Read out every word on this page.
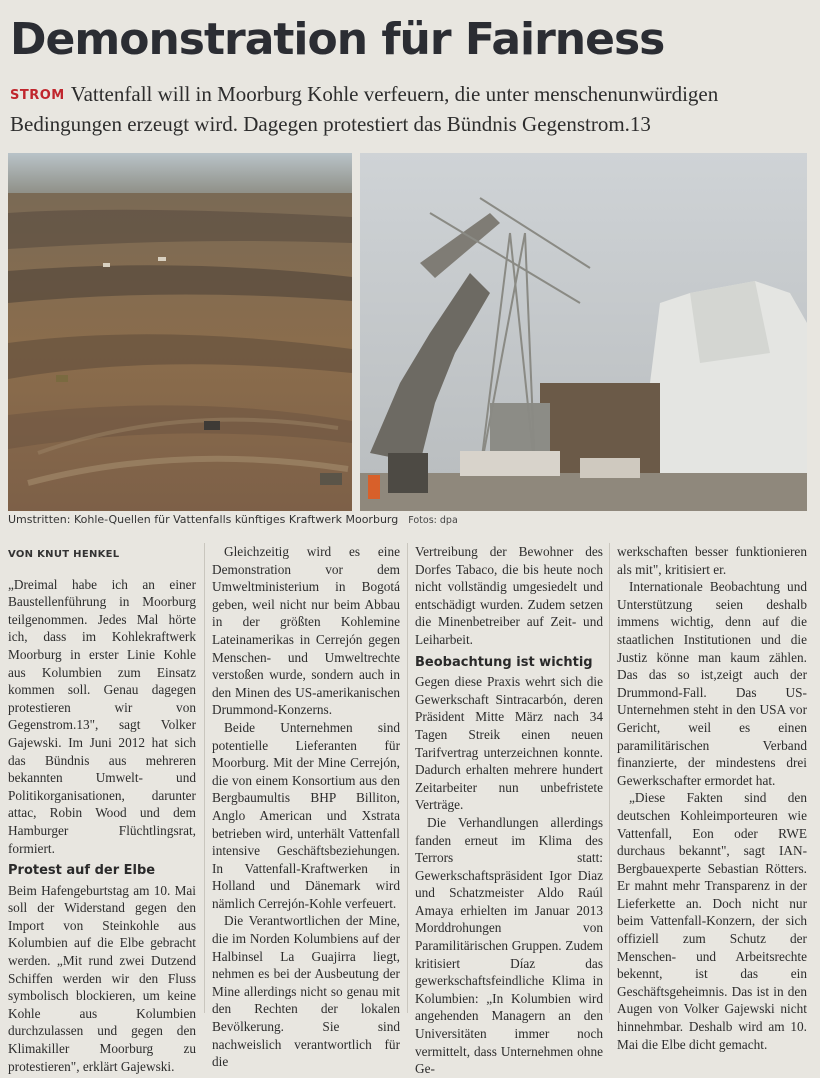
Demonstration für Fairness
STROM Vattenfall will in Moorburg Kohle verfeuern, die unter menschenunwürdigen Bedingungen erzeugt wird. Dagegen protestiert das Bündnis Gegenstrom.13
Umstritten: Kohle-Quellen für Vattenfalls künftiges Kraftwerk Moorburg Fotos: dpa
VON KNUT HENKEL

„Dreimal habe ich an einer Baustellenführung in Moorburg teilgenommen. Jedes Mal hörte ich, dass im Kohlekraftwerk Moorburg in erster Linie Kohle aus Kolumbien zum Einsatz kommen soll. Genau dagegen protestieren wir von Gegenstrom.13", sagt Volker Gajewski. Im Juni 2012 hat sich das Bündnis aus mehreren bekannten Umwelt- und Politikorganisationen, darunter attac, Robin Wood und dem Hamburger Flüchtlingsrat, formiert.

Protest auf der Elbe

Beim Hafengeburtstag am 10. Mai soll der Widerstand gegen den Import von Steinkohle aus Kolumbien auf die Elbe gebracht werden. „Mit rund zwei Dutzend Schiffen werden wir den Fluss symbolisch blockieren, um keine Kohle aus Kolumbien durchzulassen und gegen den Klimakiller Moorburg zu protestieren", erklärt Gajewski.

Gleichzeitig wird es eine Demonstration vor dem Umweltministerium in Bogotá geben, weil nicht nur beim Abbau in der größten Kohlemine Lateinamerikas in Cerrejón gegen Menschen- und Umweltrechte verstoßen wurde, sondern auch in den Minen des US-amerikanischen Drummond-Konzerns.

Beide Unternehmen sind potentielle Lieferanten für Moorburg. Mit der Mine Cerrejón, die von einem Konsortium aus den Bergbaumultis BHP Billiton, Anglo American und Xstrata betrieben wird, unterhält Vattenfall intensive Geschäftsbeziehungen. In Vattenfall-Kraftwerken in Holland und Dänemark wird nämlich Cerrejón-Kohle verfeuert.

Die Verantwortlichen der Mine, die im Norden Kolumbiens auf der Halbinsel La Guajirra liegt, nehmen es bei der Ausbeutung der Mine allerdings nicht so genau mit den Rechten der lokalen Bevölkerung. Sie sind nachweislich verantwortlich für die

Vertreibung der Bewohner des Dorfes Tabaco, die bis heute noch nicht vollständig umgesiedelt und entschädigt wurden. Zudem setzen die Minenbetreiber auf Zeit- und Leiharbeit.

Beobachtung ist wichtig

Gegen diese Praxis wehrt sich die Gewerkschaft Sintracarbón, deren Präsident Mitte März nach 34 Tagen Streik einen neuen Tarifvertrag unterzeichnen konnte. Dadurch erhalten mehrere hundert Zeitarbeiter nun unbefristete Verträge.

Die Verhandlungen allerdings fanden erneut im Klima des Terrors statt: Gewerkschaftspräsident Igor Diaz und Schatzmeister Aldo Raúl Amaya erhielten im Januar 2013 Morddrohungen von Paramilitärischen Gruppen. Zudem kritisiert Díaz das gewerkschaftsfeindliche Klima in Kolumbien: „In Kolumbien wird angehenden Managern an den Universitäten immer noch vermittelt, dass Unternehmen ohne Ge-

werkschaften besser funktionieren als mit", kritisiert er.

Internationale Beobachtung und Unterstützung seien deshalb immens wichtig, denn auf die staatlichen Institutionen und die Justiz könne man kaum zählen. Das das so ist,zeigt auch der Drummond-Fall. Das US-Unternehmen steht in den USA vor Gericht, weil es einen paramilitärischen Verband finanzierte, der mindestens drei Gewerkschafter ermordet hat.

„Diese Fakten sind den deutschen Kohleimporteuren wie Vattenfall, Eon oder RWE durchaus bekannt", sagt IAN-Bergbauexperte Sebastian Rötters. Er mahnt mehr Transparenz in der Lieferkette an. Doch nicht nur beim Vattenfall-Konzern, der sich offiziell zum Schutz der Menschen- und Arbeitsrechte bekennt, ist das ein Geschäftsgeheimnis. Das ist in den Augen von Volker Gajewski nicht hinnehmbar. Deshalb wird am 10. Mai die Elbe dicht gemacht.
